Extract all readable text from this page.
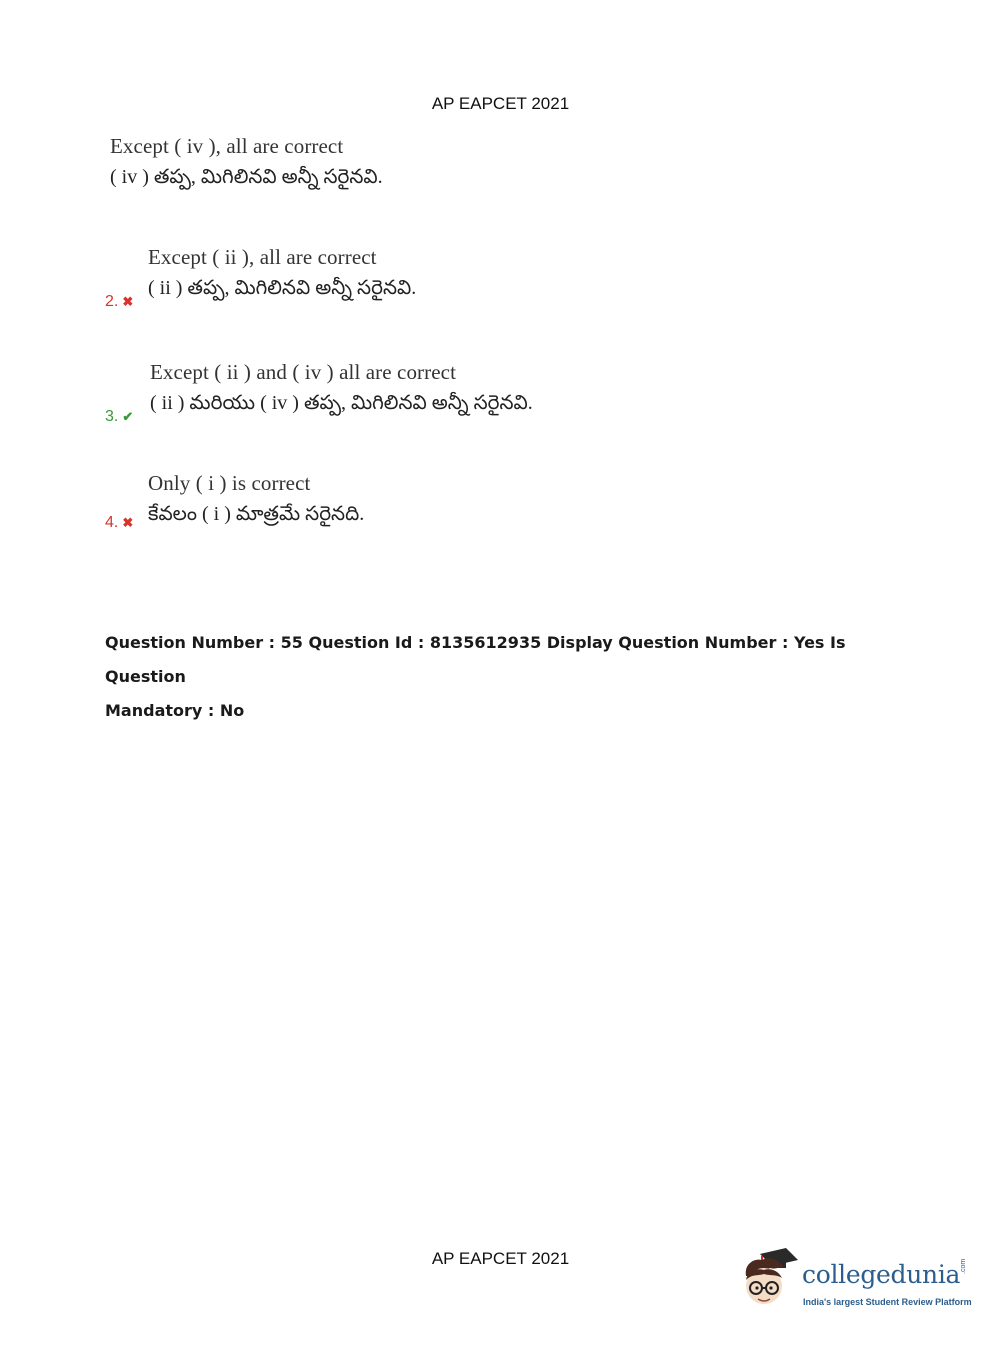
AP EAPCET 2021
Except ( iv ), all are correct
( iv ) తప్ప, మిగిలినవి అన్నీ సరైనవి.
2. ✖
Except ( ii ), all are correct
( ii ) తప్ప, మిగిలినవి అన్నీ సరైనవి.
3. ✔
Except ( ii ) and ( iv ) all are correct
( ii ) మరియు ( iv ) తప్ప, మిగిలినవి అన్నీ సరైనవి.
4. ✖
Only ( i ) is correct
కేవలం ( i ) మాత్రమే సరైనది.
Question Number : 55 Question Id : 8135612935 Display Question Number : Yes Is Question
Mandatory : No
AP EAPCET 2021
collegedunia .com
India's largest Student Review Platform
